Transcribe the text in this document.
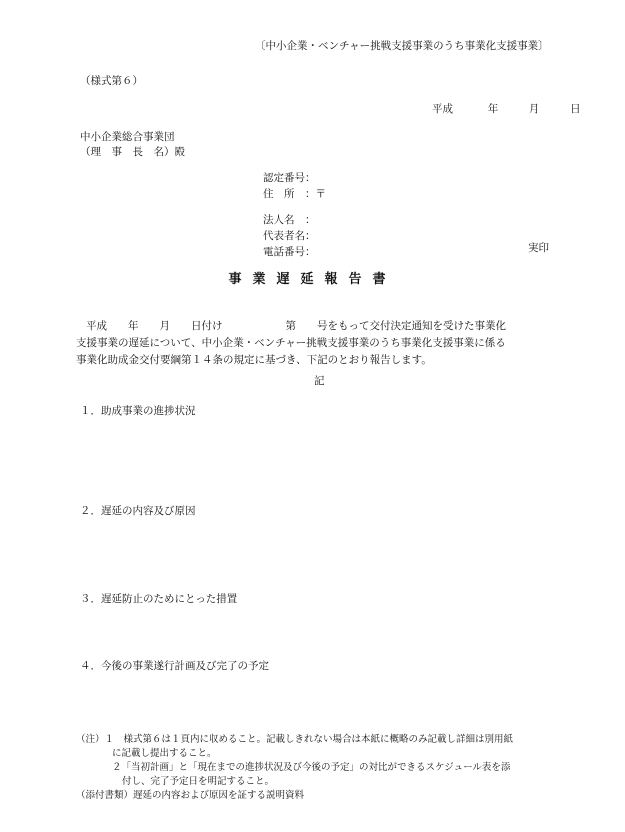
〔中小企業・ベンチャー挑戦支援事業のうち事業化支援事業〕
（様式第６）
平成	年	月	日
中小企業総合事業団
（理　事　長　名）殿
認定番号：
住　所　：〒
法人名　：
代表者名：
電話番号：	実印
事業遅延報告書
平成　　年　　月　　日付け　　　　　　第　　号をもって交付決定通知を受けた事業化
支援事業の遅延について、中小企業・ベンチャー挑戦支援事業のうち事業化支援事業に係る
事業化助成金交付要綱第１４条の規定に基づき、下記のとおり報告します。
記
１．助成事業の進捗状況
２．遅延の内容及び原因
３．遅延防止のためにとった措置
４．今後の事業遂行計画及び完了の予定
（注）１　様式第６は１頁内に収めること。記載しきれない場合は本紙に概略のみ記載し詳細は別用紙
に記載し提出すること。
２「当初計画」と「現在までの進捗状況及び今後の予定」の対比ができるスケジュール表を添
付し、完了予定日を明記すること。
（添付書類）遅延の内容および原因を証する説明資料
